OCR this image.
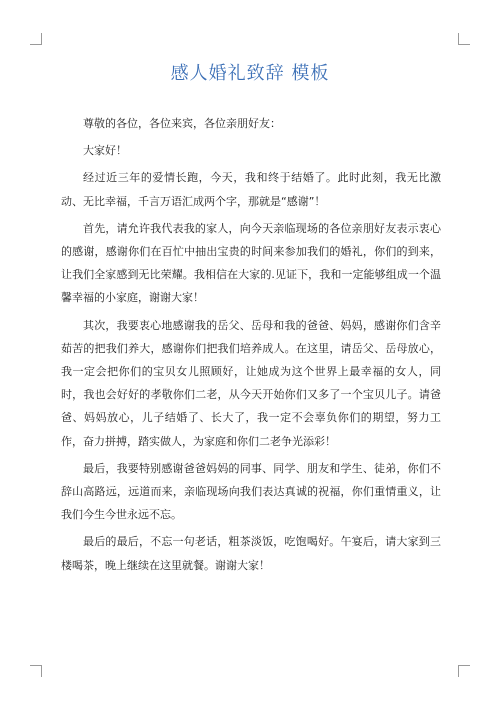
感人婚礼致辞 模板

尊敬的各位，各位来宾，各位亲朋好友：

大家好！

经过近三年的爱情长跑，今天，我和终于结婚了。此时此刻，我无比激动、无比幸福，千言万语汇成两个字，那就是“感谢”！

首先，请允许我代表我的家人，向今天亲临现场的各位亲朋好友表示衷心的感谢，感谢你们在百忙中抽出宝贵的时间来参加我们的婚礼，你们的到来，让我们全家感到无比荣耀。我相信在大家的.见证下，我和一定能够组成一个温馨幸福的小家庭，谢谢大家！

其次，我要衷心地感谢我的岳父、岳母和我的爸爸、妈妈，感谢你们含辛茹苦的把我们养大，感谢你们把我们培养成人。在这里，请岳父、岳母放心，我一定会把你们的宝贝女儿照顾好，让她成为这个世界上最幸福的女人，同时，我也会好好的孝敬你们二老，从今天开始你们又多了一个宝贝儿子。请爸爸、妈妈放心，儿子结婚了、长大了，我一定不会辜负你们的期望，努力工作，奋力拼搏，踏实做人，为家庭和你们二老争光添彩！

最后，我要特别感谢爸爸妈妈的同事、同学、朋友和学生、徒弟，你们不辞山高路远，远道而来，亲临现场向我们表达真诚的祝福，你们重情重义，让我们今生今世永远不忘。

最后的最后，不忘一句老话，粗茶淡饭，吃饱喝好。午宴后，请大家到三楼喝茶，晚上继续在这里就餐。谢谢大家！
